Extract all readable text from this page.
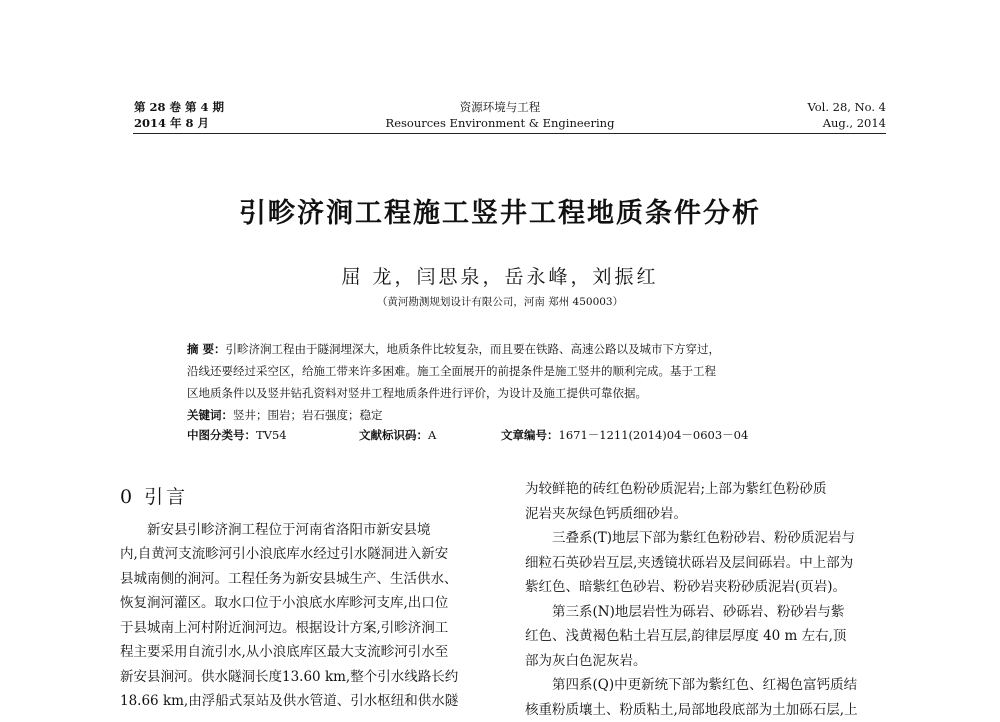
第 28 卷 第 4 期
2014 年 8 月
资源环境与工程
Resources Environment & Engineering
Vol. 28, No. 4
Aug., 2014
引畛济涧工程施工竖井工程地质条件分析
屈 龙，闫思泉，岳永峰，刘振红
（黄河勘测规划设计有限公司，河南 郑州 450003）
摘 要：引畛济涧工程由于隧洞埋深大，地质条件比较复杂，而且要在铁路、高速公路以及城市下方穿过，
沿线还要经过采空区，给施工带来许多困难。施工全面展开的前提条件是施工竖井的顺利完成。基于工程
区地质条件以及竖井钻孔资料对竖井工程地质条件进行评价，为设计及施工提供可靠依据。
关键词：竖井；围岩；岩石强度；稳定
中图分类号：TV54	文献标识码：A	文章编号：1671－1211(2014)04－0603－04
0 引言

新安县引畛济涧工程位于河南省洛阳市新安县境

内,自黄河支流畛河引小浪底库水经过引水隧洞进入新安

县城南侧的涧河。工程任务为新安县城生产、生活供水、

恢复涧河灌区。取水口位于小浪底水库畛河支库,出口位

于县城南上河村附近涧河边。根据设计方案,引畛济涧工

程主要采用自流引水,从小浪底库区最大支流畛河引水至

新安县涧河。供水隧洞长度13.60 km,整个引水线路长约

18.66 km,由浮船式泵站及供水管道、引水枢纽和供水隧

为较鲜艳的砖红色粉砂质泥岩;上部为紫红色粉砂质

泥岩夹灰绿色钙质细砂岩。

三叠系(T)地层下部为紫红色粉砂岩、粉砂质泥岩与

细粒石英砂岩互层,夹透镜状砾岩及层间砾岩。中上部为

紫红色、暗紫红色砂岩、粉砂岩夹粉砂质泥岩(页岩)。

第三系(N)地层岩性为砾岩、砂砾岩、粉砂岩与紫

红色、浅黄褐色粘土岩互层,韵律层厚度 40 m 左右,顶

部为灰白色泥灰岩。

第四系(Q)中更新统下部为紫红色、红褐色富钙质结

核重粉质壤土、粉质粘土,局部地段底部为土加砾石层,上
